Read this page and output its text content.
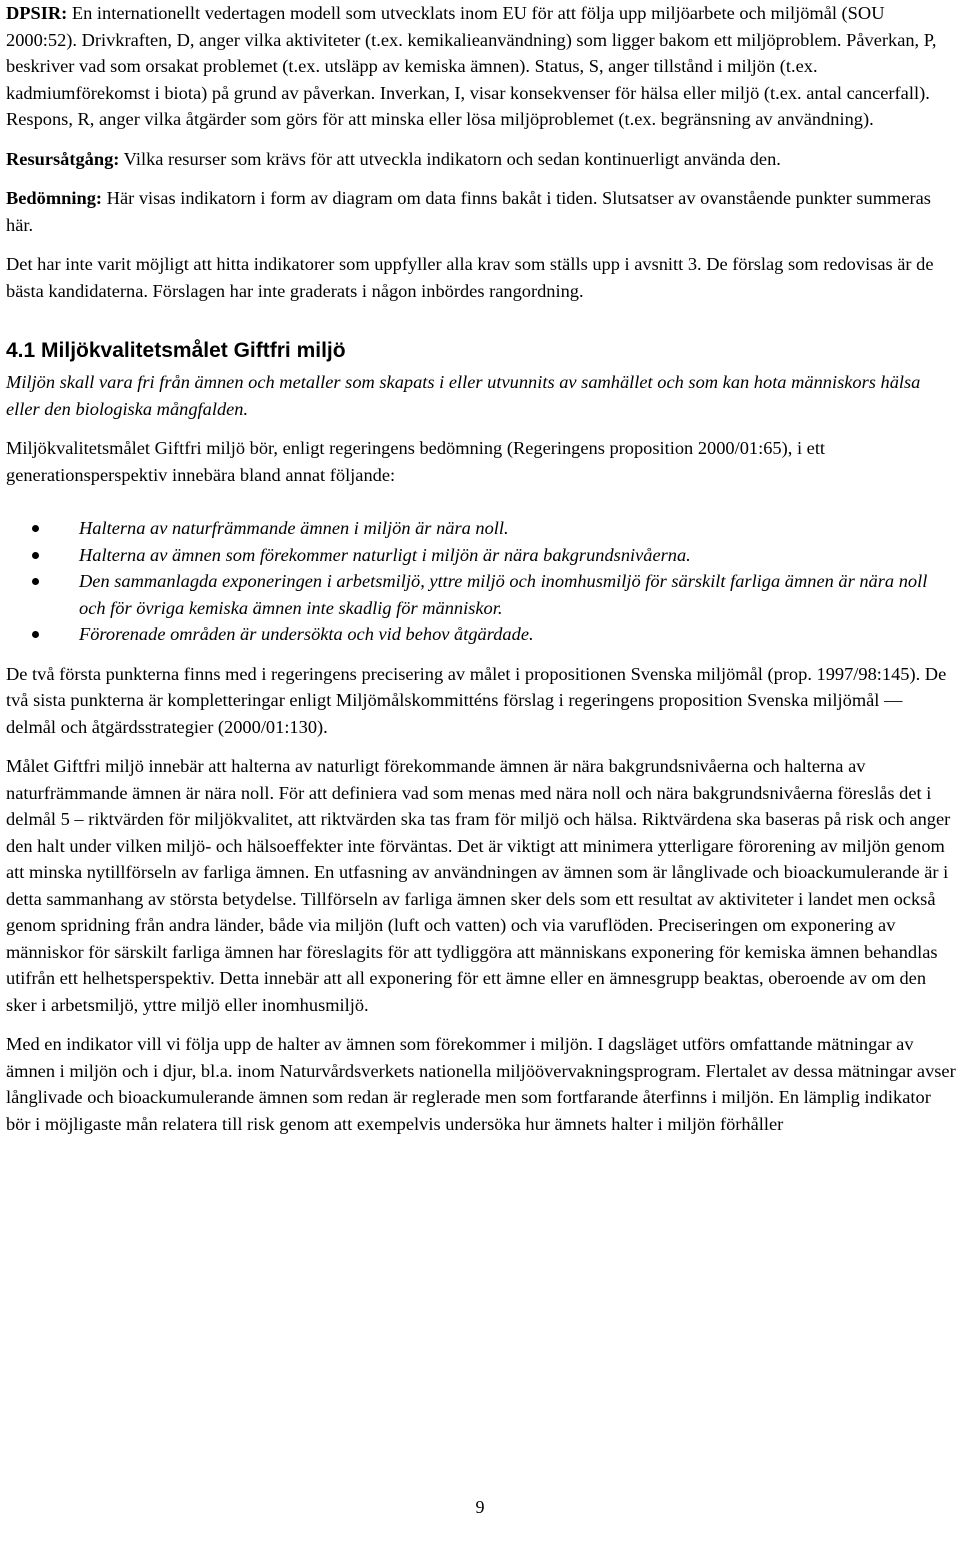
DPSIR: En internationellt vedertagen modell som utvecklats inom EU för att följa upp miljöarbete och miljömål (SOU 2000:52). Drivkraften, D, anger vilka aktiviteter (t.ex. kemikalieanvändning) som ligger bakom ett miljöproblem. Påverkan, P, beskriver vad som orsakat problemet (t.ex. utsläpp av kemiska ämnen). Status, S, anger tillstånd i miljön (t.ex. kadmiumförekomst i biota) på grund av påverkan. Inverkan, I, visar konsekvenser för hälsa eller miljö (t.ex. antal cancerfall). Respons, R, anger vilka åtgärder som görs för att minska eller lösa miljöproblemet (t.ex. begränsning av användning).

Resursåtgång: Vilka resurser som krävs för att utveckla indikatorn och sedan kontinuerligt använda den.

Bedömning: Här visas indikatorn i form av diagram om data finns bakåt i tiden. Slutsatser av ovanstående punkter summeras här.

Det har inte varit möjligt att hitta indikatorer som uppfyller alla krav som ställs upp i avsnitt 3. De förslag som redovisas är de bästa kandidaterna. Förslagen har inte graderats i någon inbördes rangordning.

4.1 Miljökvalitetsmålet Giftfri miljö

Miljön skall vara fri från ämnen och metaller som skapats i eller utvunnits av samhället och som kan hota människors hälsa eller den biologiska mångfalden.

Miljökvalitetsmålet Giftfri miljö bör, enligt regeringens bedömning (Regeringens proposition 2000/01:65), i ett generationsperspektiv innebära bland annat följande:

Halterna av naturfrämmande ämnen i miljön är nära noll.
Halterna av ämnen som förekommer naturligt i miljön är nära bakgrundsnivåerna.
Den sammanlagda exponeringen i arbetsmiljö, yttre miljö och inomhusmiljö för särskilt farliga ämnen är nära noll och för övriga kemiska ämnen inte skadlig för människor.
Förorenade områden är undersökta och vid behov åtgärdade.

De två första punkterna finns med i regeringens precisering av målet i propositionen Svenska miljömål (prop. 1997/98:145). De två sista punkterna är kompletteringar enligt Miljömålskommitténs förslag i regeringens proposition Svenska miljömål — delmål och åtgärdsstrategier (2000/01:130).

Målet Giftfri miljö innebär att halterna av naturligt förekommande ämnen är nära bakgrundsnivåerna och halterna av naturfrämmande ämnen är nära noll. För att definiera vad som menas med nära noll och nära bakgrundsnivåerna föreslås det i delmål 5 – riktvärden för miljökvalitet, att riktvärden ska tas fram för miljö och hälsa. Riktvärdena ska baseras på risk och anger den halt under vilken miljö- och hälsoeffekter inte förväntas. Det är viktigt att minimera ytterligare förorening av miljön genom att minska nytillförseln av farliga ämnen. En utfasning av användningen av ämnen som är långlivade och bioackumulerande är i detta sammanhang av största betydelse. Tillförseln av farliga ämnen sker dels som ett resultat av aktiviteter i landet men också genom spridning från andra länder, både via miljön (luft och vatten) och via varuflöden. Preciseringen om exponering av människor för särskilt farliga ämnen har föreslagits för att tydliggöra att människans exponering för kemiska ämnen behandlas utifrån ett helhetsperspektiv. Detta innebär att all exponering för ett ämne eller en ämnesgrupp beaktas, oberoende av om den sker i arbetsmiljö, yttre miljö eller inomhusmiljö.

Med en indikator vill vi följa upp de halter av ämnen som förekommer i miljön. I dagsläget utförs omfattande mätningar av ämnen i miljön och i djur, bl.a. inom Naturvårdsverkets nationella miljöövervakningsprogram. Flertalet av dessa mätningar avser långlivade och bioackumulerande ämnen som redan är reglerade men som fortfarande återfinns i miljön. En lämplig indikator bör i möjligaste mån relatera till risk genom att exempelvis undersöka hur ämnets halter i miljön förhåller

9
